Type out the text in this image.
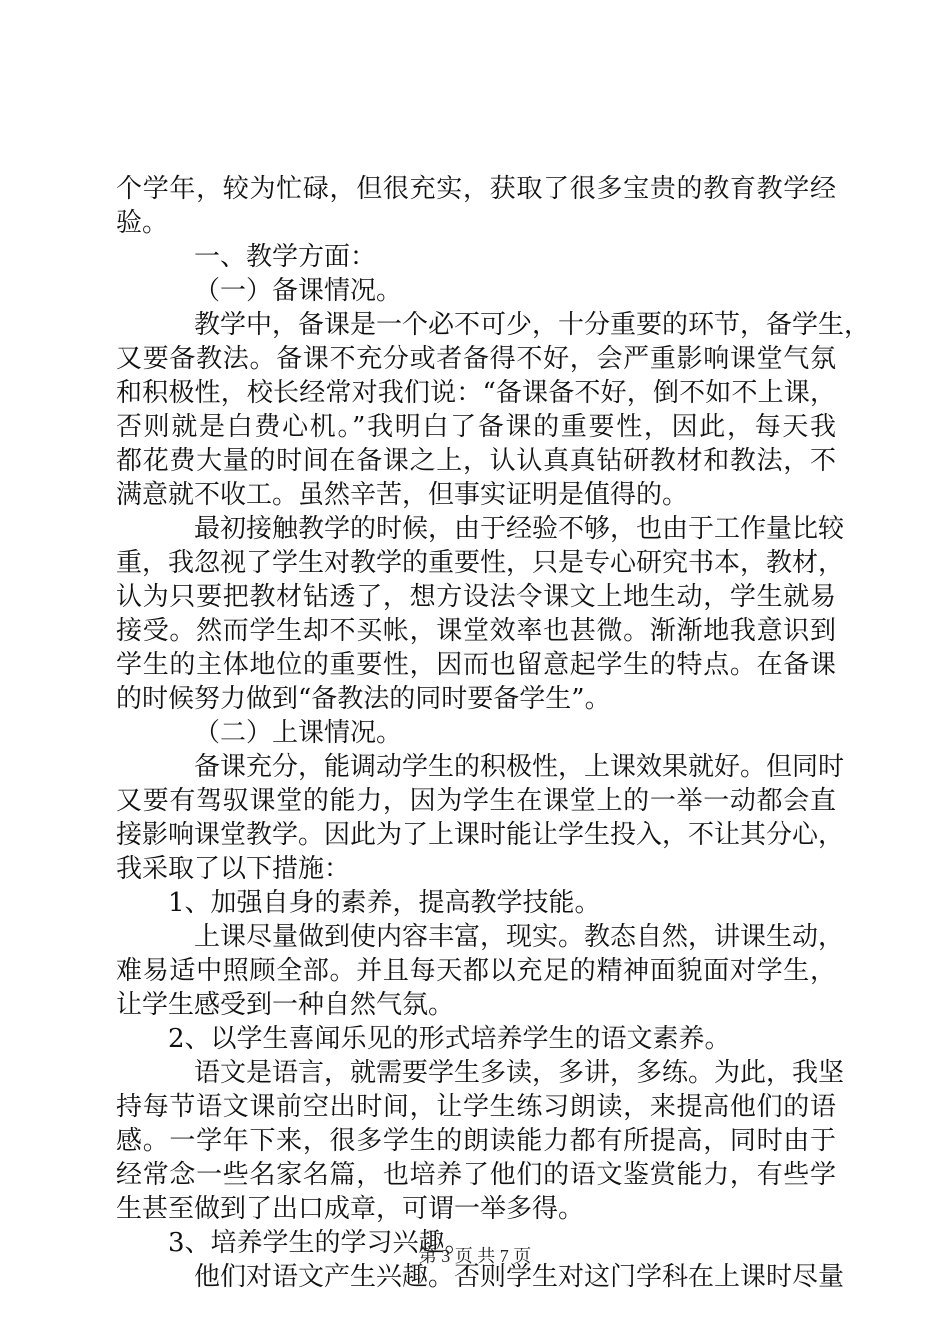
个学年，较为忙碌，但很充实，获取了很多宝贵的教育教学经
验。
一、教学方面：
（一）备课情况。
教学中，备课是一个必不可少，十分重要的环节，备学生，
又要备教法。备课不充分或者备得不好，会严重影响课堂气氛
和积极性，校长经常对我们说：“备课备不好，倒不如不上课，
否则就是白费心机。”我明白了备课的重要性，因此，每天我
都花费大量的时间在备课之上，认认真真钻研教材和教法，不
满意就不收工。虽然辛苦，但事实证明是值得的。
最初接触教学的时候，由于经验不够，也由于工作量比较
重，我忽视了学生对教学的重要性，只是专心研究书本，教材，
认为只要把教材钻透了，想方设法令课文上地生动，学生就易
接受。然而学生却不买帐，课堂效率也甚微。渐渐地我意识到
学生的主体地位的重要性，因而也留意起学生的特点。在备课
的时候努力做到“备教法的同时要备学生”。
（二）上课情况。
备课充分，能调动学生的积极性，上课效果就好。但同时
又要有驾驭课堂的能力，因为学生在课堂上的一举一动都会直
接影响课堂教学。因此为了上课时能让学生投入，不让其分心，
我采取了以下措施：
1、加强自身的素养，提高教学技能。
上课尽量做到使内容丰富，现实。教态自然，讲课生动，
难易适中照顾全部。并且每天都以充足的精神面貌面对学生，
让学生感受到一种自然气氛。
2、以学生喜闻乐见的形式培养学生的语文素养。
语文是语言，就需要学生多读，多讲，多练。为此，我坚
持每节语文课前空出时间，让学生练习朗读，来提高他们的语
感。一学年下来，很多学生的朗读能力都有所提高，同时由于
经常念一些名家名篇，也培养了他们的语文鉴赏能力，有些学
生甚至做到了出口成章，可谓一举多得。
3、培养学生的学习兴趣。
他们对语文产生兴趣。否则学生对这门学科在上课时尽量
第 3 页 共 7 页
